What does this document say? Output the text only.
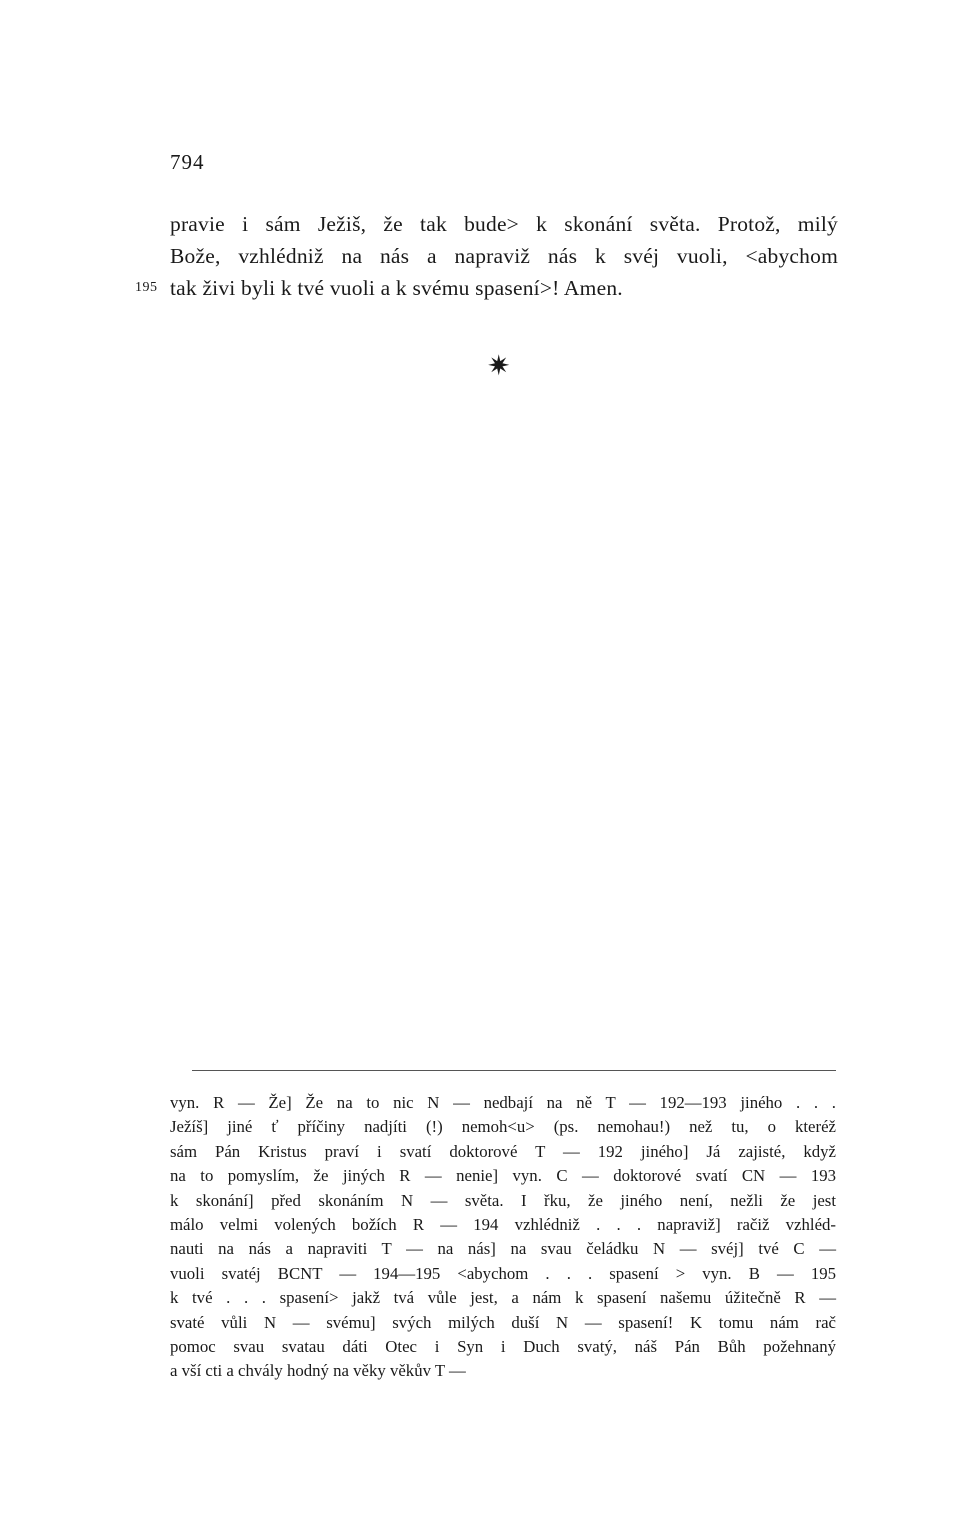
794
pravie i sám Ježiš, že tak bude> k skonání světa. Protož, milý
Bože, vzhlédniž na nás a napraviž nás k svéj vuoli, <abychom
195 tak živi byli k tvé vuoli a k svému spasení>! Amen.
✷
vyn. R — Že] Že na to nic N — nedbají na ně T — 192—193 jiného . . .
Ježíš] jiné ť příčiny nadjíti (!) nemoh<u> (ps. nemohau!) než tu, o kteréž
sám Pán Kristus praví i svatí doktorové T — 192 jiného] Já zajisté, když
na to pomyslím, že jiných R — nenie] vyn. C — doktorové svatí CN — 193
k skonání] před skonáním N — světa. I řku, že jiného není, nežli že jest
málo velmi volených božích R — 194 vzhlédniž . . . napraviž] račiž vzhléd-
nauti na nás a napraviti T — na nás] na svau čeládku N — svéj] tvé C —
vuoli svatéj BCNT — 194—195 <abychom . . . spasení > vyn. B — 195
k tvé . . . spasení> jakž tvá vůle jest, a nám k spasení našemu úžitečně R —
svaté vůli N — svému] svých milých duší N — spasení! K tomu nám rač
pomoc svau svatau dáti Otec i Syn i Duch svatý, náš Pán Bůh požehnaný
a vší cti a chvály hodný na věky věkův T —
